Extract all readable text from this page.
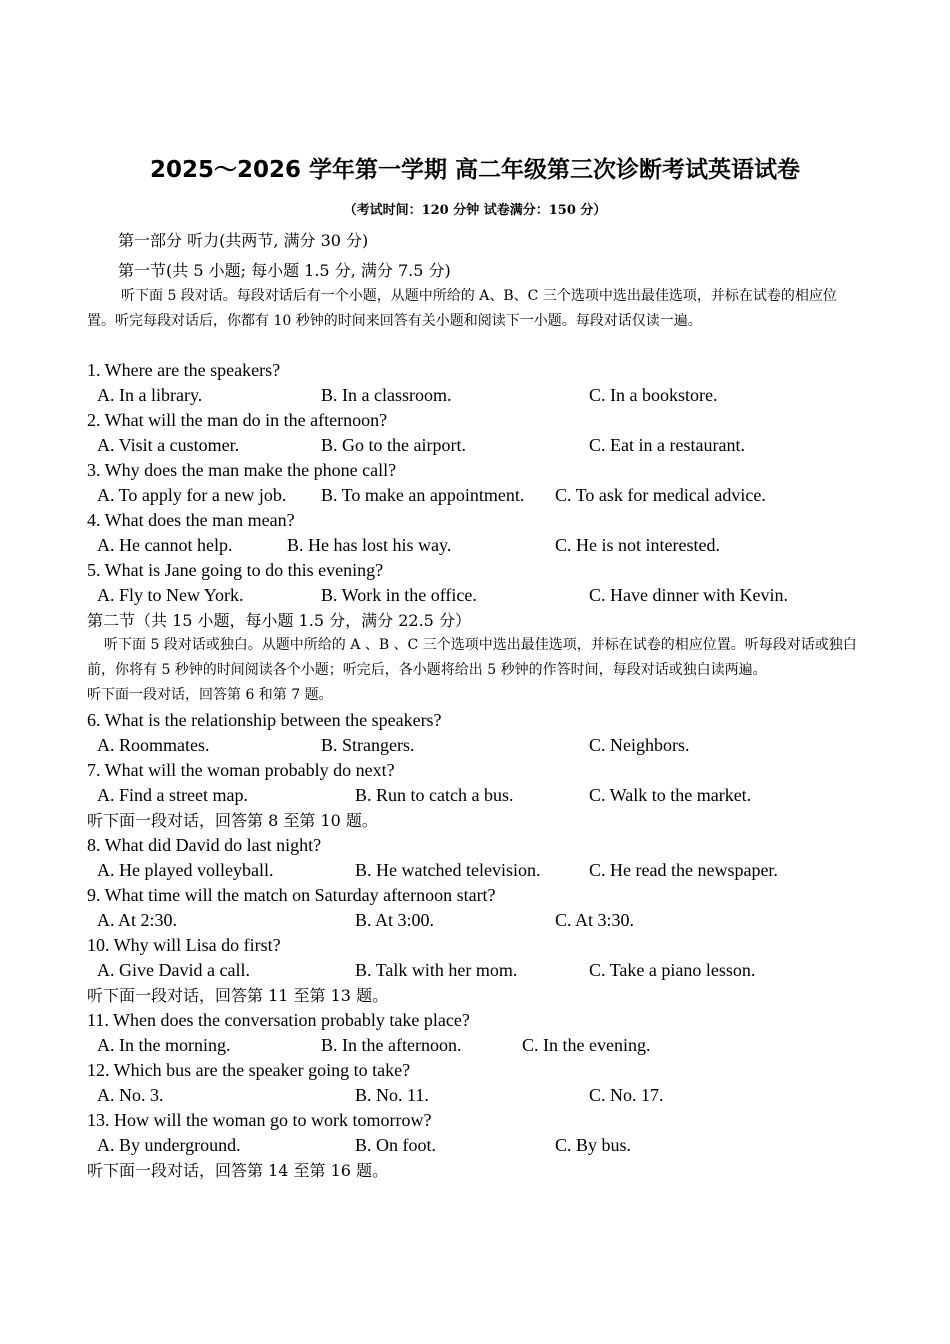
2025～2026 学年第一学期 高二年级第三次诊断考试英语试卷
（考试时间：120 分钟 试卷满分：150 分）
第一部分 听力(共两节, 满分 30 分)
第一节(共 5 小题; 每小题 1.5 分, 满分 7.5 分)

听下面 5 段对话。每段对话后有一个小题，从题中所给的 A、B、C 三个选项中选出最佳选项，并标在试卷的相应位置。听完每段对话后，你都有 10 秒钟的时间来回答有关小题和阅读下一小题。每段对话仅读一遍。

1. Where are the speakers?
A. In a library.	B. In a classroom.	C. In a bookstore.
2. What will the man do in the afternoon?
A. Visit a customer.	B. Go to the airport.	C. Eat in a restaurant.
3. Why does the man make the phone call?
A. To apply for a new job. B. To make an appointment. C. To ask for medical advice.
4. What does the man mean?
A. He cannot help.	B. He has lost his way.	C. He is not interested.
5. What is Jane going to do this evening?
A. Fly to New York.	B. Work in the office.	C. Have dinner with Kevin.
第二节（共 15 小题，每小题 1.5 分，满分 22.5 分）
听下面 5 段对话或独白。从题中所给的 A 、B 、C 三个选项中选出最佳选项，并标在试卷的相应位置。听每段对话或独白前，你将有 5 秒钟的时间阅读各个小题；听完后，各小题将给出 5 秒钟的作答时间，每段对话或独白读两遍。
听下面一段对话，回答第 6 和第 7 题。
6. What is the relationship between the speakers?
A. Roommates.	B. Strangers.	C. Neighbors.
7. What will the woman probably do next?
A. Find a street map.	B. Run to catch a bus.	C. Walk to the market.
听下面一段对话，回答第 8 至第 10 题。
8. What did David do last night?
A. He played volleyball.	B. He watched television.	C. He read the newspaper.
9. What time will the match on Saturday afternoon start?
A. At 2:30.	B. At 3:00.	C. At 3:30.
10. Why will Lisa do first?
A. Give David a call.	B. Talk with her mom.	C. Take a piano lesson.
听下面一段对话，回答第 11 至第 13 题。
11. When does the conversation probably take place?
A. In the morning.	B. In the afternoon.	C. In the evening.
12. Which bus are the speaker going to take?
A. No. 3.	B. No. 11.	C. No. 17.
13. How will the woman go to work tomorrow?
A. By underground.	B. On foot.	C. By bus.
听下面一段对话，回答第 14 至第 16 题。
